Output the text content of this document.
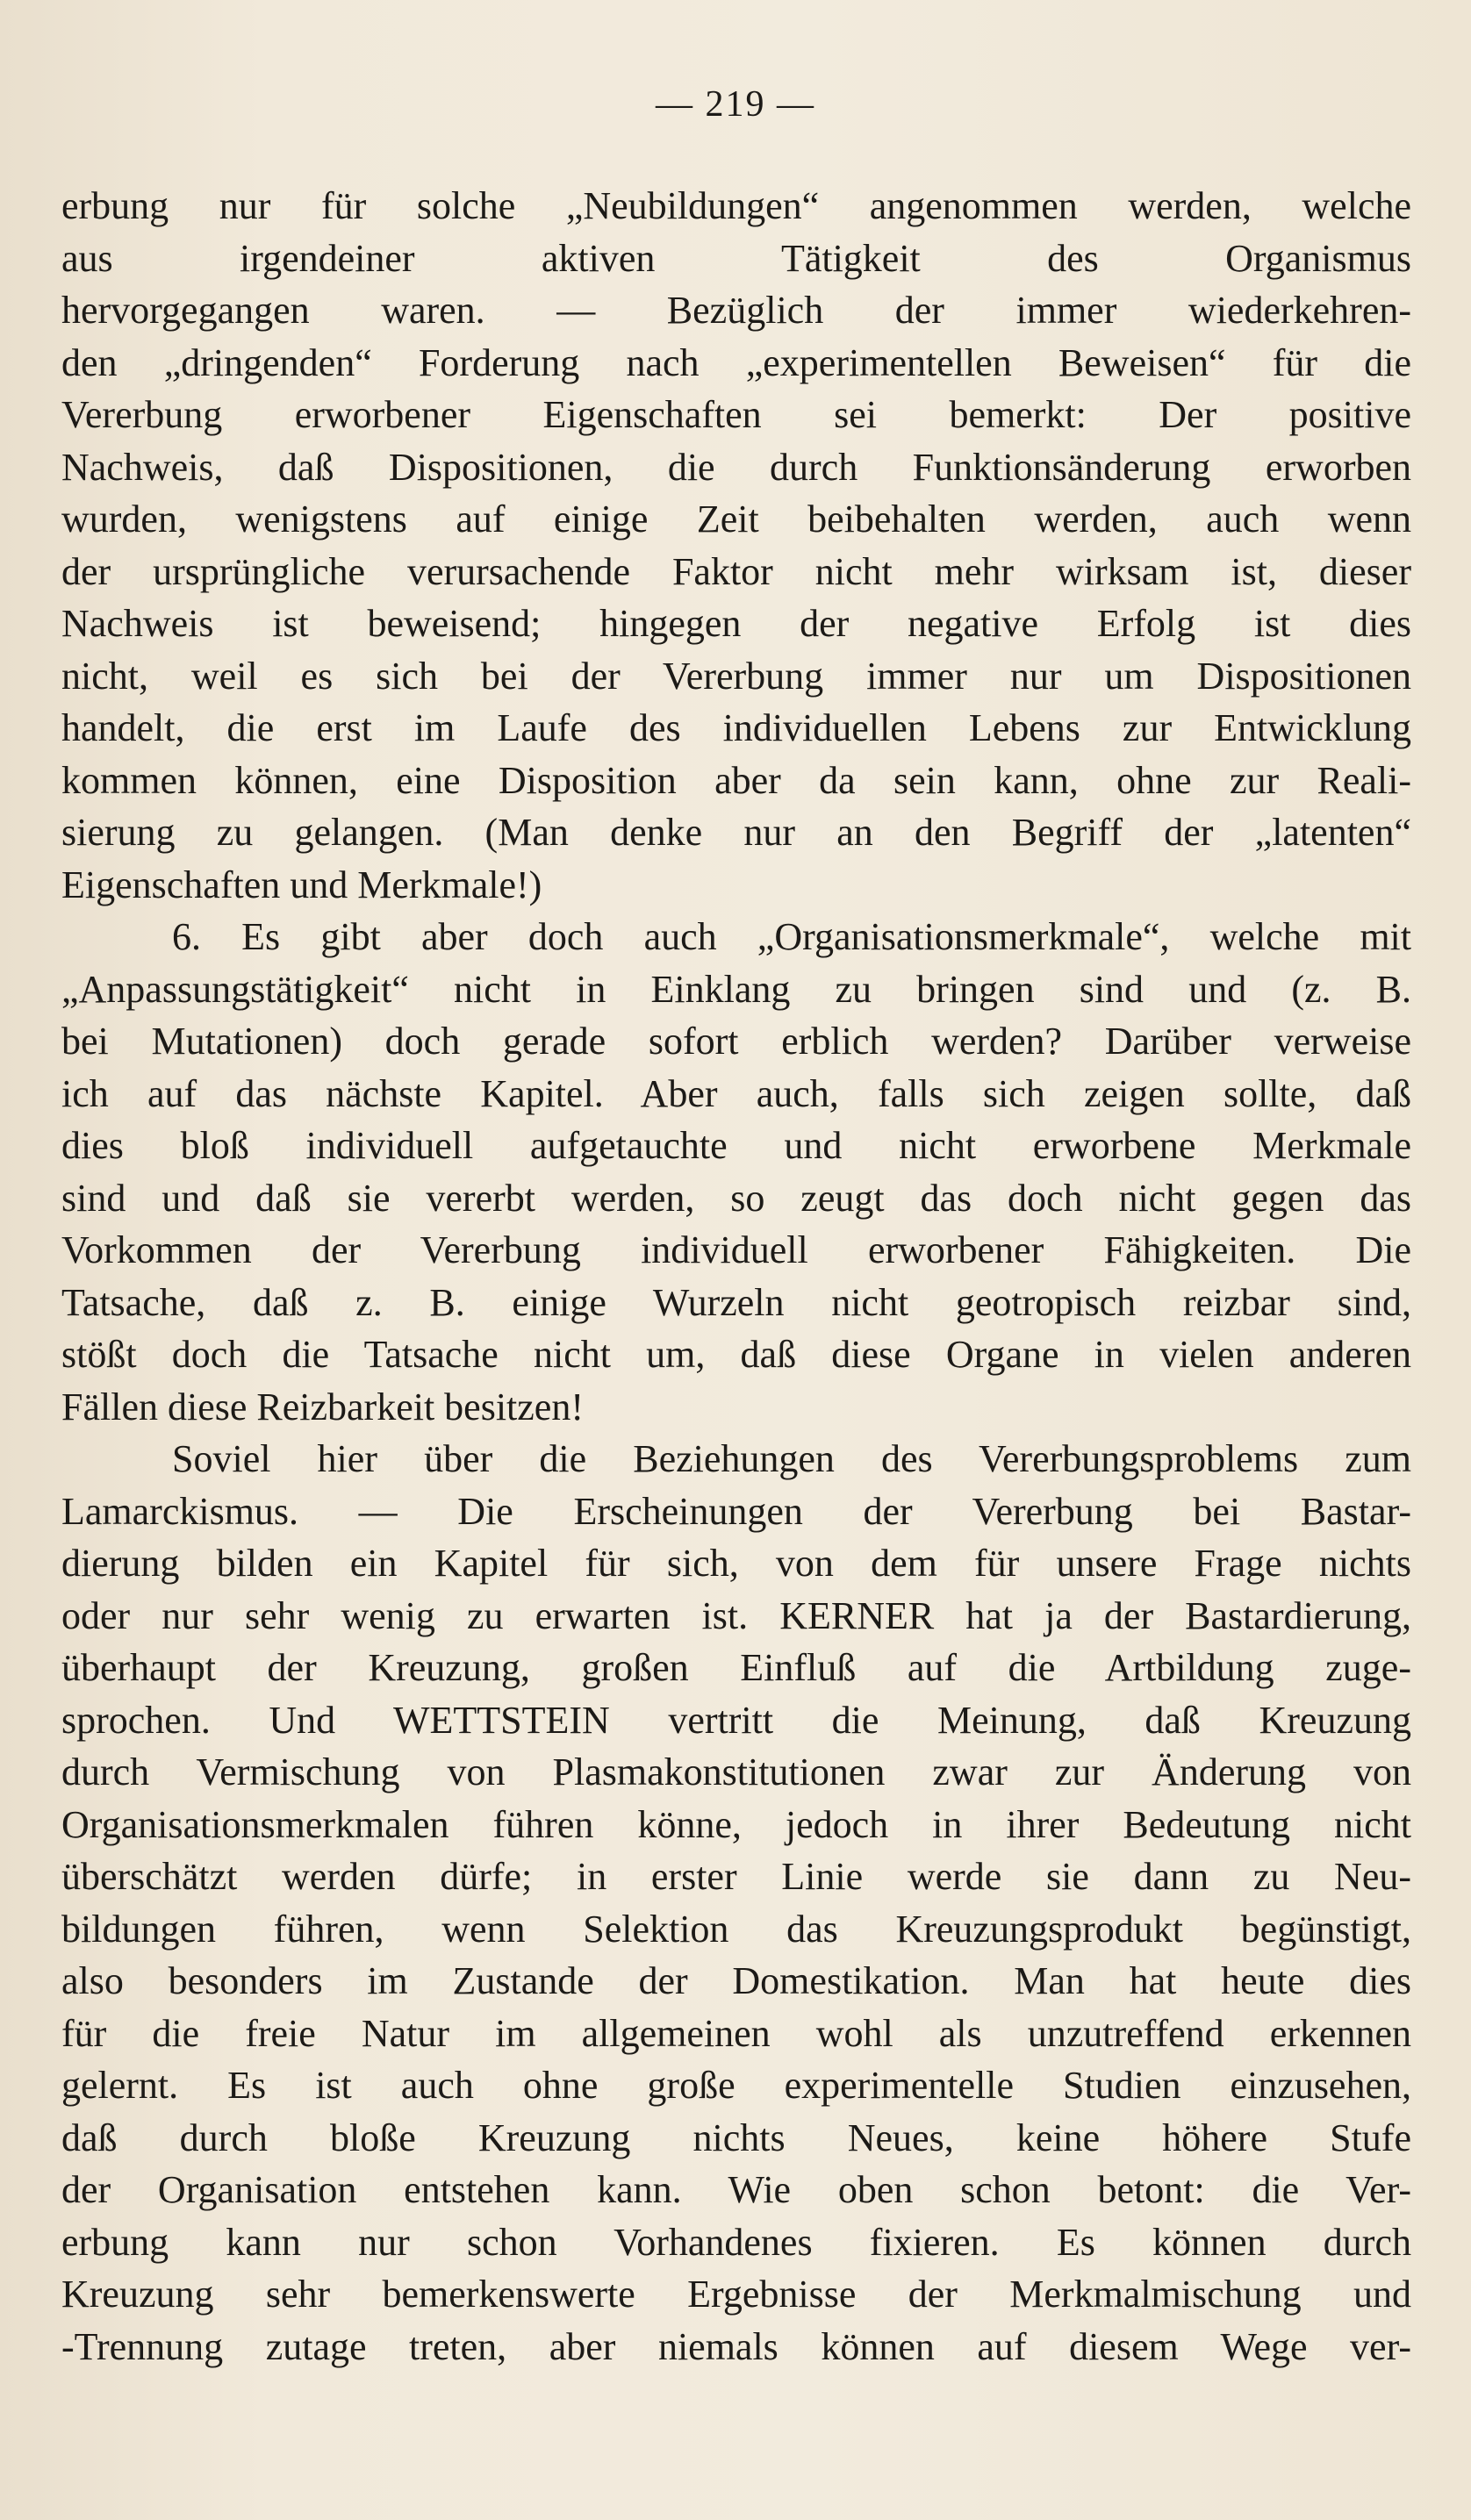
— 219 —
erbung nur für solche „Neubildungen“ angenommen werden, welche
aus irgendeiner aktiven Tätigkeit des Organismus
hervorgegangen waren. — Bezüglich der immer wiederkehren-
den „dringenden“ Forderung nach „experimentellen Beweisen“ für die
Vererbung erworbener Eigenschaften sei bemerkt: Der positive
Nachweis, daß Dispositionen, die durch Funktionsänderung erworben
wurden, wenigstens auf einige Zeit beibehalten werden, auch wenn
der ursprüngliche verursachende Faktor nicht mehr wirksam ist, dieser
Nachweis ist beweisend; hingegen der negative Erfolg ist dies
nicht, weil es sich bei der Vererbung immer nur um Dispositionen
handelt, die erst im Laufe des individuellen Lebens zur Entwicklung
kommen können, eine Disposition aber da sein kann, ohne zur Reali-
sierung zu gelangen. (Man denke nur an den Begriff der „latenten“
Eigenschaften und Merkmale!)
6. Es gibt aber doch auch „Organisationsmerkmale“, welche mit
„Anpassungstätigkeit“ nicht in Einklang zu bringen sind und (z. B.
bei Mutationen) doch gerade sofort erblich werden? Darüber verweise
ich auf das nächste Kapitel. Aber auch, falls sich zeigen sollte, daß
dies bloß individuell aufgetauchte und nicht erworbene Merkmale
sind und daß sie vererbt werden, so zeugt das doch nicht gegen das
Vorkommen der Vererbung individuell erworbener Fähigkeiten. Die
Tatsache, daß z. B. einige Wurzeln nicht geotropisch reizbar sind,
stößt doch die Tatsache nicht um, daß diese Organe in vielen anderen
Fällen diese Reizbarkeit besitzen!
Soviel hier über die Beziehungen des Vererbungsproblems zum
Lamarckismus. — Die Erscheinungen der Vererbung bei Bastar-
dierung bilden ein Kapitel für sich, von dem für unsere Frage nichts
oder nur sehr wenig zu erwarten ist. KERNER hat ja der Bastardierung,
überhaupt der Kreuzung, großen Einfluß auf die Artbildung zuge-
sprochen. Und WETTSTEIN vertritt die Meinung, daß Kreuzung
durch Vermischung von Plasmakonstitutionen zwar zur Änderung von
Organisationsmerkmalen führen könne, jedoch in ihrer Bedeutung nicht
überschätzt werden dürfe; in erster Linie werde sie dann zu Neu-
bildungen führen, wenn Selektion das Kreuzungsprodukt begünstigt,
also besonders im Zustande der Domestikation. Man hat heute dies
für die freie Natur im allgemeinen wohl als unzutreffend erkennen
gelernt. Es ist auch ohne große experimentelle Studien einzusehen,
daß durch bloße Kreuzung nichts Neues, keine höhere Stufe
der Organisation entstehen kann. Wie oben schon betont: die Ver-
erbung kann nur schon Vorhandenes fixieren. Es können durch
Kreuzung sehr bemerkenswerte Ergebnisse der Merkmalmischung und
-Trennung zutage treten, aber niemals können auf diesem Wege ver-
